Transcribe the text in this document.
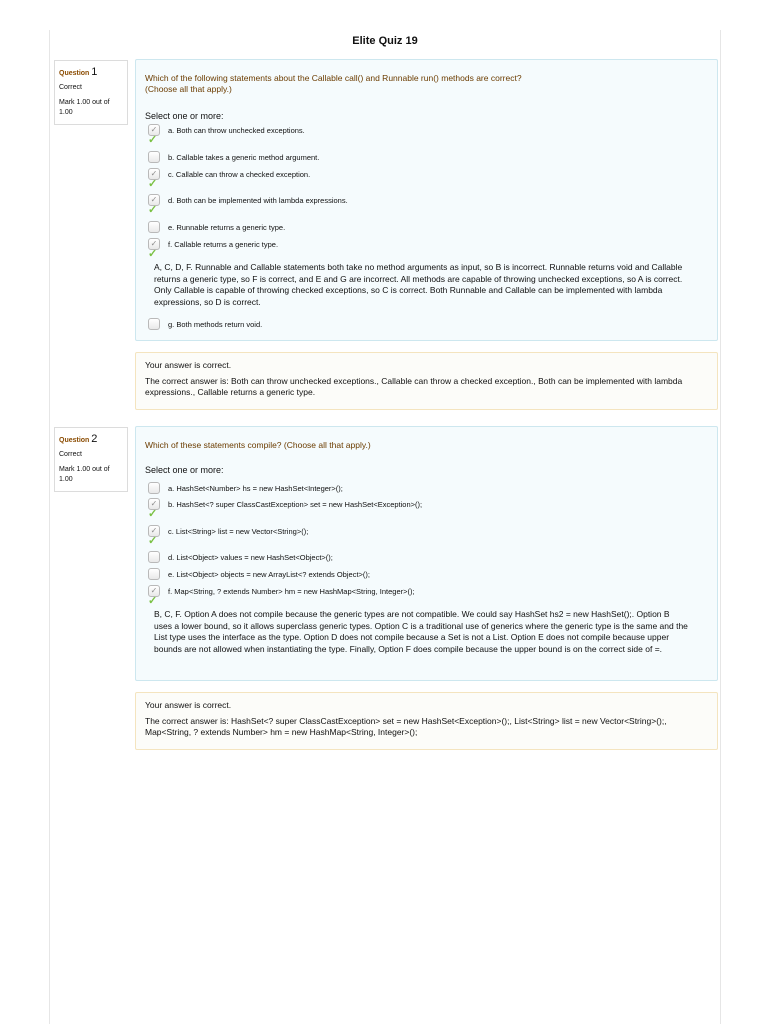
Elite Quiz 19
Question 1
Correct
Mark 1.00 out of 1.00
Which of the following statements about the Callable call() and Runnable run() methods are correct? (Choose all that apply.)
Select one or more:
✓ a. Both can throw unchecked exceptions.
✓
b. Callable takes a generic method argument.
✓ c. Callable can throw a checked exception.
✓
✓ d. Both can be implemented with lambda expressions.
✓
e. Runnable returns a generic type.
✓ f. Callable returns a generic type.
✓
A, C, D, F. Runnable and Callable statements both take no method arguments as input, so B is incorrect. Runnable returns void and Callable returns a generic type, so F is correct, and E and G are incorrect. All methods are capable of throwing unchecked exceptions, so A is correct. Only Callable is capable of throwing checked exceptions, so C is correct. Both Runnable and Callable can be implemented with lambda expressions, so D is correct.
g. Both methods return void.
Your answer is correct.
The correct answer is: Both can throw unchecked exceptions., Callable can throw a checked exception., Both can be implemented with lambda expressions., Callable returns a generic type.
Question 2
Correct
Mark 1.00 out of 1.00
Which of these statements compile? (Choose all that apply.)
Select one or more:
a. HashSet<Number> hs = new HashSet<Integer>();
✓ b. HashSet<? super ClassCastException> set = new HashSet<Exception>();
✓
✓ c. List<String> list = new Vector<String>();
✓
d. List<Object> values = new HashSet<Object>();
e. List<Object> objects = new ArrayList<? extends Object>();
✓ f. Map<String, ? extends Number> hm = new HashMap<String, Integer>();
✓
B, C, F. Option A does not compile because the generic types are not compatible. We could say HashSet hs2 = new HashSet();. Option B uses a lower bound, so it allows superclass generic types. Option C is a traditional use of generics where the generic type is the same and the List type uses the interface as the type. Option D does not compile because a Set is not a List. Option E does not compile because upper bounds are not allowed when instantiating the type. Finally, Option F does compile because the upper bound is on the correct side of =.
Your answer is correct.
The correct answer is: HashSet<? super ClassCastException> set = new HashSet<Exception>();, List<String> list = new Vector<String>();, Map<String, ? extends Number> hm = new HashMap<String, Integer>();
